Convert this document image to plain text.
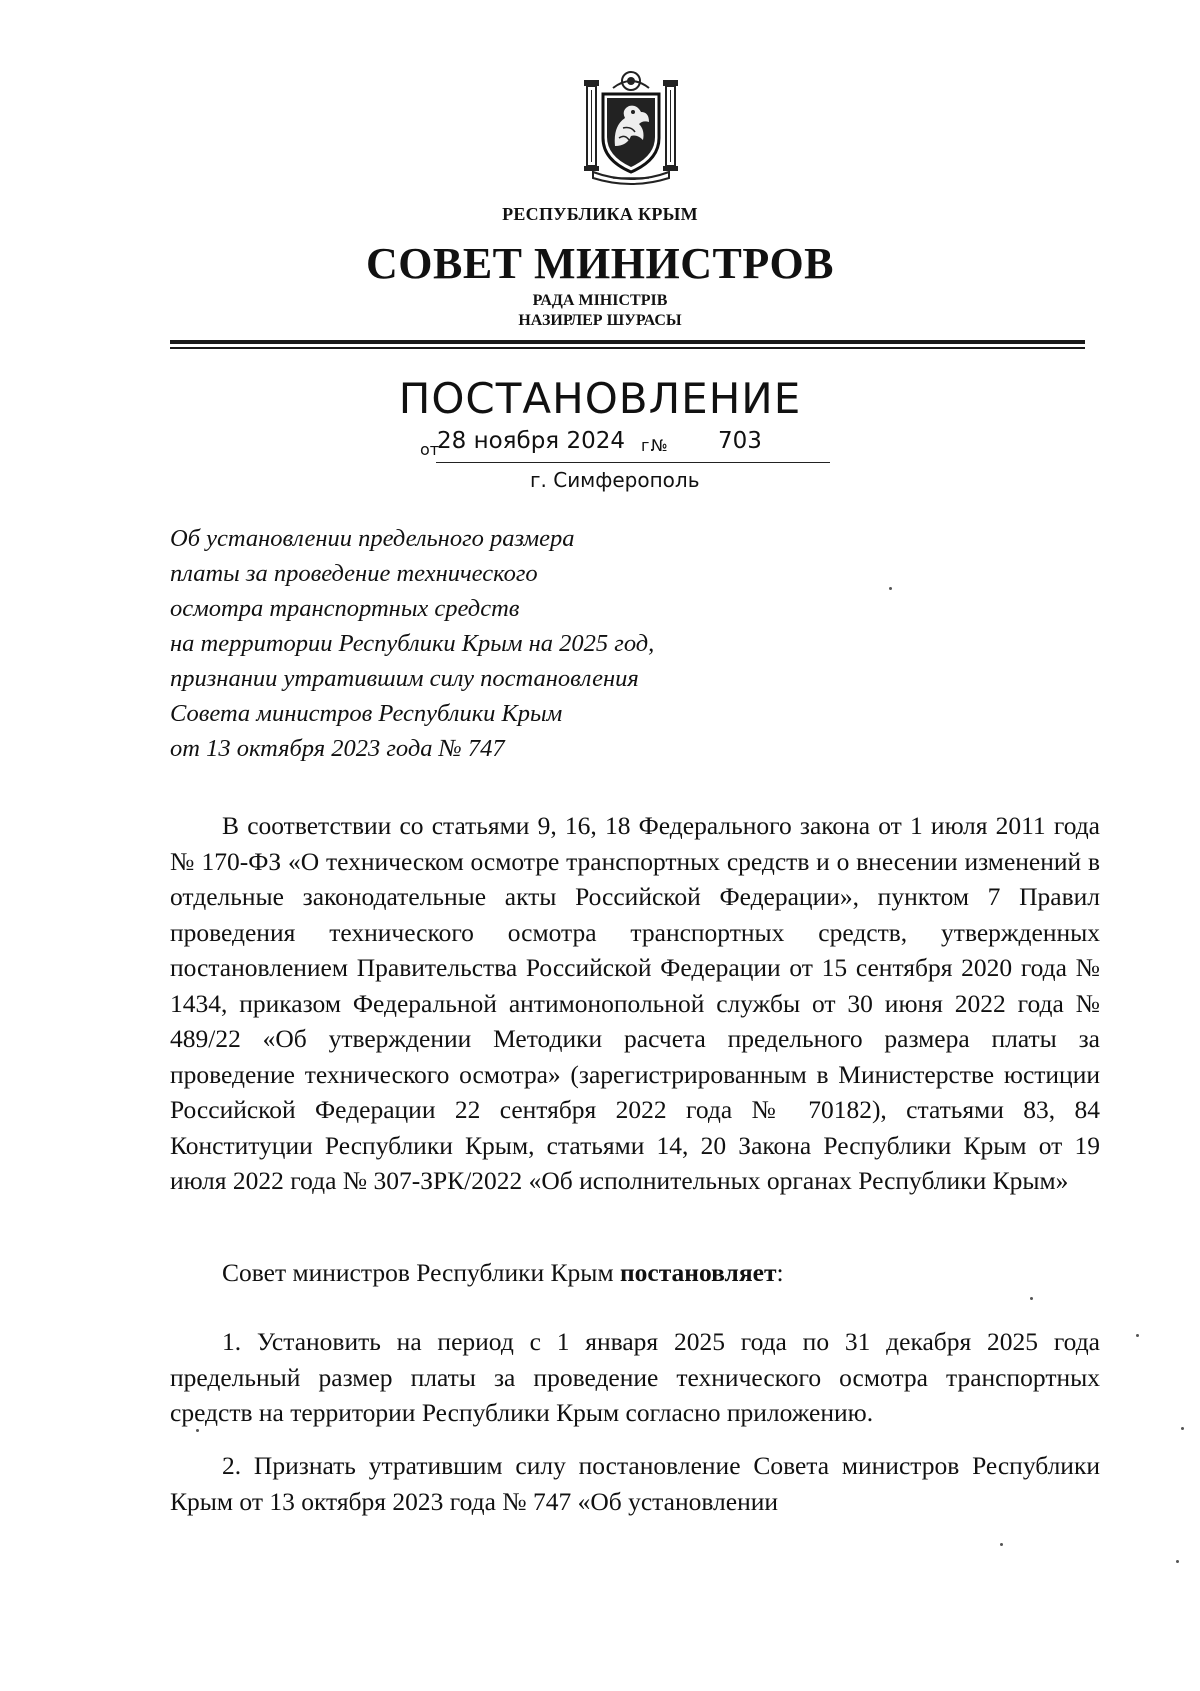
РЕСПУБЛИКА КРЫМ
СОВЕТ МИНИСТРОВ
РАДА МІНІСТРІВ
НАЗИРЛЕР ШУРАСЫ
ПОСТАНОВЛЕНИЕ
от
28 ноября 2024 г.
№ 703
г. Симферополь
Об установлении предельного размера
платы за проведение технического
осмотра транспортных средств
на территории Республики Крым на 2025 год,
признании утратившим силу постановления
Совета министров Республики Крым
от 13 октября 2023 года № 747
В соответствии со статьями 9, 16, 18 Федерального закона от 1 июля 2011 года № 170-ФЗ «О техническом осмотре транспортных средств и о внесении изменений в отдельные законодательные акты Российской Федерации», пунктом 7 Правил проведения технического осмотра транспортных средств, утвержденных постановлением Правительства Российской Федерации от 15 сентября 2020 года № 1434, приказом Федеральной антимонопольной службы от 30 июня 2022 года № 489/22 «Об утверждении Методики расчета предельного размера платы за проведение технического осмотра» (зарегистрированным в Министерстве юстиции Российской Федерации 22 сентября 2022 года № 70182), статьями 83, 84 Конституции Республики Крым, статьями 14, 20 Закона Республики Крым от 19 июля 2022 года № 307-ЗРК/2022 «Об исполнительных органах Республики Крым»
Совет министров Республики Крым постановляет:
1. Установить на период с 1 января 2025 года по 31 декабря 2025 года предельный размер платы за проведение технического осмотра транспортных средств на территории Республики Крым согласно приложению.
2. Признать утратившим силу постановление Совета министров Республики Крым от 13 октября 2023 года № 747 «Об установлении
